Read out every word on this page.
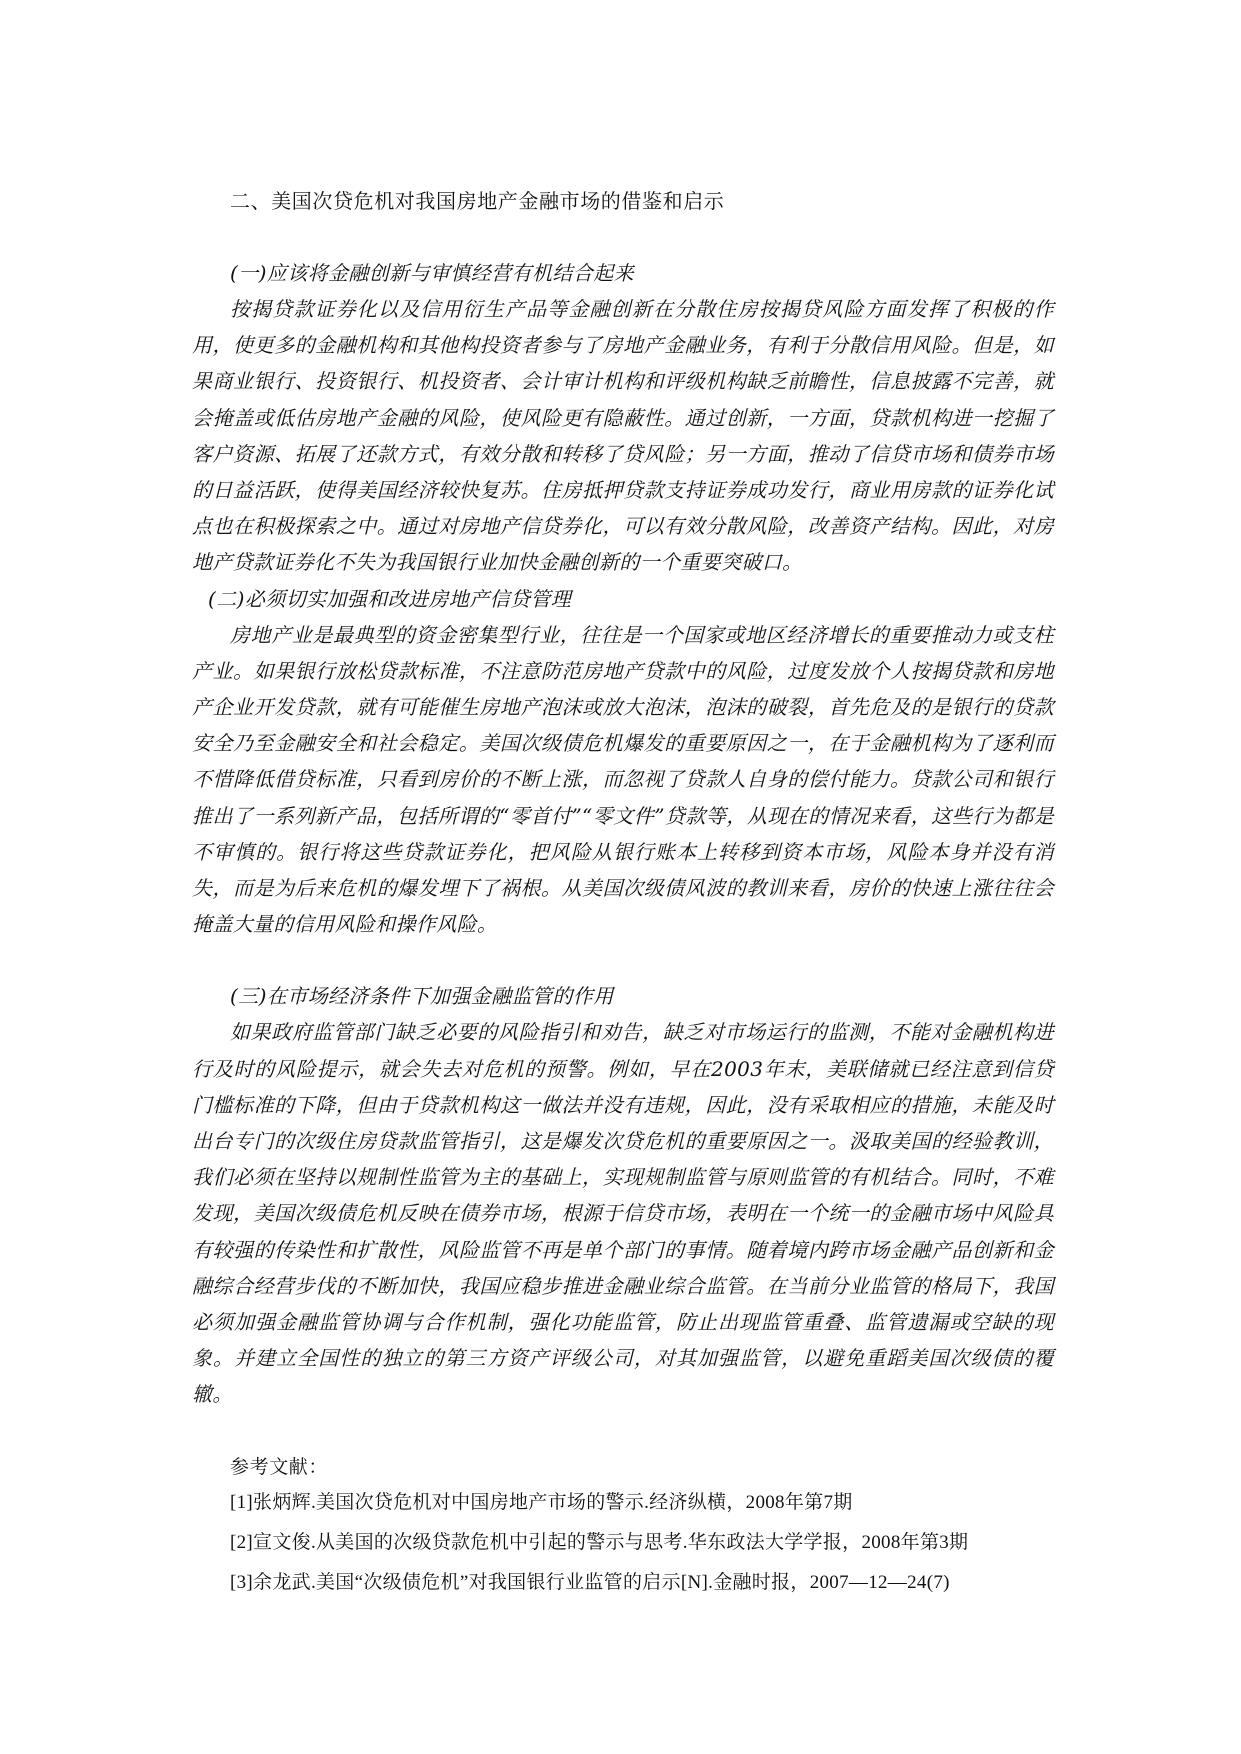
二、美国次贷危机对我国房地产金融市场的借鉴和启示

(一)应该将金融创新与审慎经营有机结合起来

按揭贷款证券化以及信用衍生产品等金融创新在分散住房按揭贷风险方面发挥了积极的作用，使更多的金融机构和其他构投资者参与了房地产金融业务，有利于分散信用风险。但是，如果商业银行、投资银行、机投资者、会计审计机构和评级机构缺乏前瞻性，信息披露不完善，就会掩盖或低估房地产金融的风险，使风险更有隐蔽性。通过创新，一方面，贷款机构进一挖掘了客户资源、拓展了还款方式，有效分散和转移了贷风险；另一方面，推动了信贷市场和债券市场的日益活跃，使得美国经济较快复苏。住房抵押贷款支持证券成功发行，商业用房款的证券化试点也在积极探索之中。通过对房地产信贷券化，可以有效分散风险，改善资产结构。因此，对房地产贷款证券化不失为我国银行业加快金融创新的一个重要突破口。

(二)必须切实加强和改进房地产信贷管理

房地产业是最典型的资金密集型行业，往往是一个国家或地区经济增长的重要推动力或支柱产业。如果银行放松贷款标准，不注意防范房地产贷款中的风险，过度发放个人按揭贷款和房地产企业开发贷款，就有可能催生房地产泡沫或放大泡沫，泡沫的破裂，首先危及的是银行的贷款安全乃至金融安全和社会稳定。美国次级债危机爆发的重要原因之一，在于金融机构为了逐利而不惜降低借贷标准，只看到房价的不断上涨，而忽视了贷款人自身的偿付能力。贷款公司和银行推出了一系列新产品，包括所谓的“零首付”“零文件”贷款等，从现在的情况来看，这些行为都是不审慎的。银行将这些贷款证券化，把风险从银行账本上转移到资本市场，风险本身并没有消失，而是为后来危机的爆发埋下了祸根。从美国次级债风波的教训来看，房价的快速上涨往往会掩盖大量的信用风险和操作风险。

(三)在市场经济条件下加强金融监管的作用

如果政府监管部门缺乏必要的风险指引和劝告，缺乏对市场运行的监测，不能对金融机构进行及时的风险提示，就会失去对危机的预警。例如，早在2003年末，美联储就已经注意到信贷门槛标准的下降，但由于贷款机构这一做法并没有违规，因此，没有采取相应的措施，未能及时出台专门的次级住房贷款监管指引，这是爆发次贷危机的重要原因之一。汲取美国的经验教训，我们必须在坚持以规制性监管为主的基础上，实现规制监管与原则监管的有机结合。同时，不难发现，美国次级债危机反映在债券市场，根源于信贷市场，表明在一个统一的金融市场中风险具有较强的传染性和扩散性，风险监管不再是单个部门的事情。随着境内跨市场金融产品创新和金融综合经营步伐的不断加快，我国应稳步推进金融业综合监管。在当前分业监管的格局下，我国必须加强金融监管协调与合作机制，强化功能监管，防止出现监管重叠、监管遗漏或空缺的现象。并建立全国性的独立的第三方资产评级公司，对其加强监管，以避免重蹈美国次级债的覆辙。

参考文献：

[1]张炳辉.美国次贷危机对中国房地产市场的警示.经济纵横，2008年第7期

[2]宣文俊.从美国的次级贷款危机中引起的警示与思考.华东政法大学学报，2008年第3期

[3]余龙武.美国“次级债危机”对我国银行业监管的启示[N].金融时报，2007—12—24(7)
